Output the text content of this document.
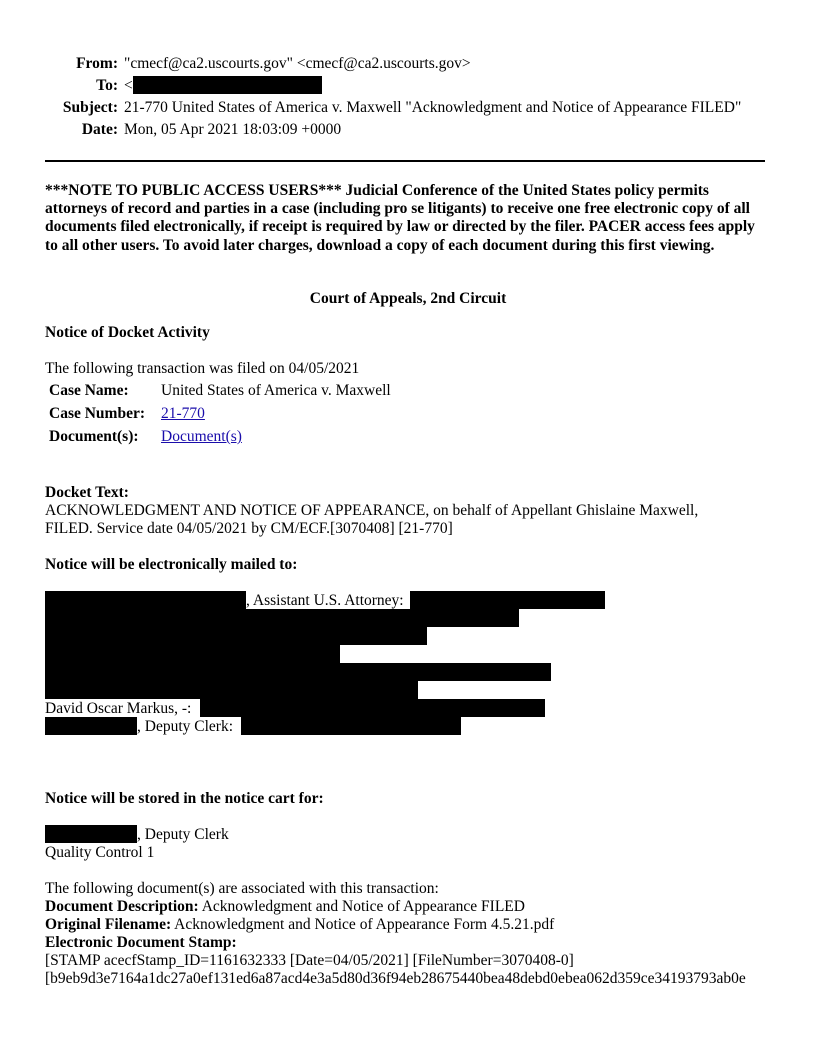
From: "cmecf@ca2.uscourts.gov" <cmecf@ca2.uscourts.gov>
To: <
Subject: 21-770 United States of America v. Maxwell "Acknowledgment and Notice of Appearance FILED"
Date: Mon, 05 Apr 2021 18:03:09 +0000
***NOTE TO PUBLIC ACCESS USERS*** Judicial Conference of the United States policy permits attorneys of record and parties in a case (including pro se litigants) to receive one free electronic copy of all documents filed electronically, if receipt is required by law or directed by the filer. PACER access fees apply to all other users. To avoid later charges, download a copy of each document during this first viewing.
Court of Appeals, 2nd Circuit
Notice of Docket Activity
The following transaction was filed on 04/05/2021
Case Name: United States of America v. Maxwell
Case Number: 21-770
Document(s): Document(s)
Docket Text:
ACKNOWLEDGMENT AND NOTICE OF APPEARANCE, on behalf of Appellant Ghislaine Maxwell,
FILED. Service date 04/05/2021 by CM/ECF.[3070408] [21-770]
Notice will be electronically mailed to:
, Assistant U.S. Attorney:
David Oscar Markus, -:
, Deputy Clerk:
Notice will be stored in the notice cart for:
, Deputy Clerk
Quality Control 1
The following document(s) are associated with this transaction:
Document Description: Acknowledgment and Notice of Appearance FILED
Original Filename: Acknowledgment and Notice of Appearance Form 4.5.21.pdf
Electronic Document Stamp:
[STAMP acecfStamp_ID=1161632333 [Date=04/05/2021] [FileNumber=3070408-0]
[b9eb9d3e7164a1dc27a0ef131ed6a87acd4e3a5d80d36f94eb28675440bea48debd0ebea062d359ce34193793ab0e
